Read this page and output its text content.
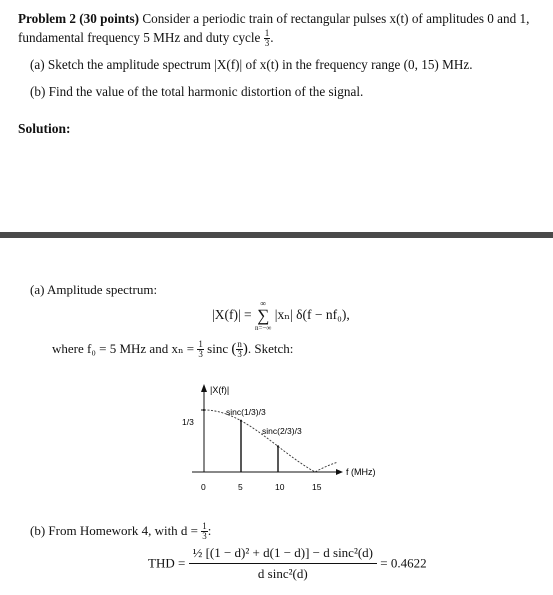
Problem 2 (30 points) Consider a periodic train of rectangular pulses x(t) of amplitudes 0 and 1, fundamental frequency 5 MHz and duty cycle $\frac{1}{3}$ .
(a) Sketch the amplitude spectrum |X(f)| of x(t) in the frequency range (0, 15) MHz.
(b) Find the value of the total harmonic distortion of the signal.
Solution:
(a) Amplitude spectrum:
|X(f)| =
∞
∑
n=−∞
|xₙ| δ(f − nf₀),
where f₀ = 5 MHz and $x_n = \frac{1}{3}$ sinc ( $\frac{n}{3}$ ). Sketch:
|X(f)|
f (MHz)
1/3
0	5	10	15
sinc(1/3)/3
sinc(2/3)/3
(b) From Homework 4, with $d = \frac{1}{3}$ :
THD = $\frac{\text{½ [(1 − d)² + d(1 − d)] − d sinc²(d)}}{\text{d sinc²(d)}} = 0.4622$
